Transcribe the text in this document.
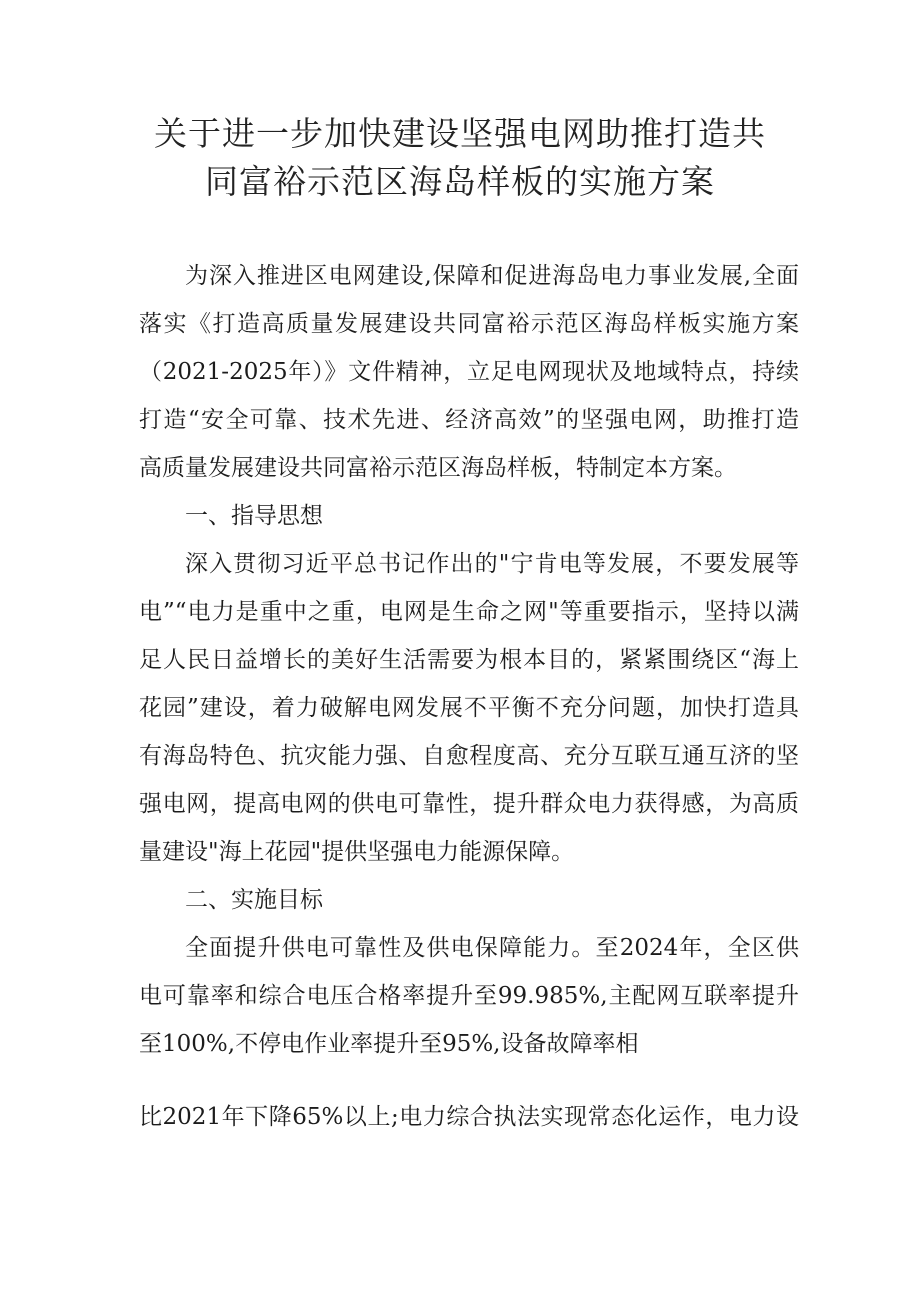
关于进一步加快建设坚强电网助推打造共
同富裕示范区海岛样板的实施方案
为深入推进区电网建设,保障和促进海岛电力事业发展,全面
落实《打造高质量发展建设共同富裕示范区海岛样板实施方案
（2021-2025年）》文件精神，立足电网现状及地域特点，持续
打造“安全可靠、技术先进、经济高效”的坚强电网，助推打造
高质量发展建设共同富裕示范区海岛样板，特制定本方案。
一、指导思想
深入贯彻习近平总书记作出的"宁肯电等发展，不要发展等
电”“电力是重中之重，电网是生命之网"等重要指示，坚持以满
足人民日益增长的美好生活需要为根本目的，紧紧围绕区“海上
花园”建设，着力破解电网发展不平衡不充分问题，加快打造具
有海岛特色、抗灾能力强、自愈程度高、充分互联互通互济的坚
强电网，提高电网的供电可靠性，提升群众电力获得感，为高质
量建设"海上花园"提供坚强电力能源保障。
二、实施目标
全面提升供电可靠性及供电保障能力。至2024年，全区供
电可靠率和综合电压合格率提升至99.985%,主配网互联率提升
至100%,不停电作业率提升至95%,设备故障率相
比2021年下降65%以上;电力综合执法实现常态化运作，电力设
